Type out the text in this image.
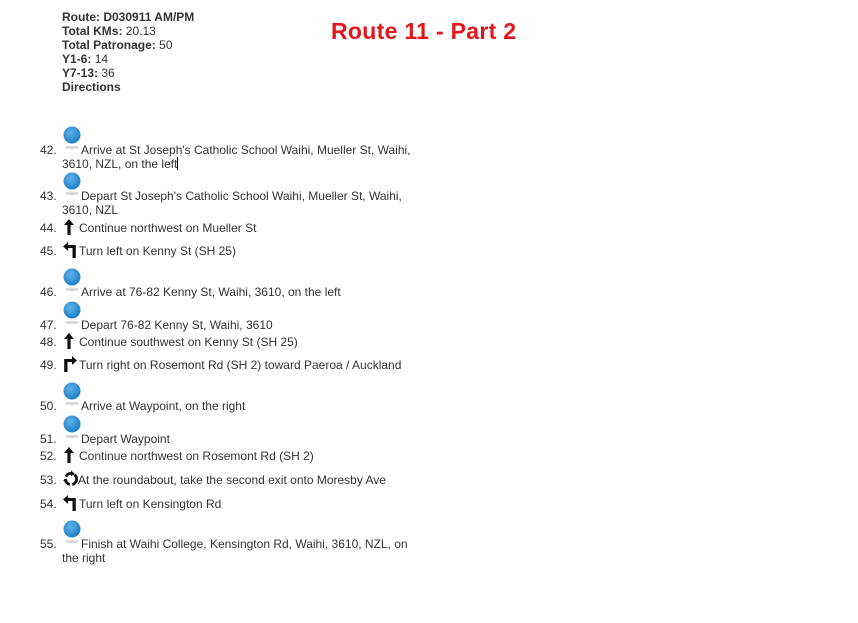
Route: D030911 AM/PM
Total KMs: 20.13
Total Patronage: 50
Y1-6: 14
Y7-13: 36
Directions
Route 11 - Part 2
42.	Arrive at St Joseph's Catholic School Waihi, Mueller St, Waihi,
3610, NZL, on the left
43.	Depart St Joseph's Catholic School Waihi, Mueller St, Waihi,
3610, NZL
44.	Continue northwest on Mueller St
45.	Turn left on Kenny St (SH 25)
46.	Arrive at 76-82 Kenny St, Waihi, 3610, on the left
47.	Depart 76-82 Kenny St, Waihi, 3610
48.	Continue southwest on Kenny St (SH 25)
49.	Turn right on Rosemont Rd (SH 2) toward Paeroa / Auckland
50.	Arrive at Waypoint, on the right
51.	Depart Waypoint
52.	Continue northwest on Rosemont Rd (SH 2)
53.	At the roundabout, take the second exit onto Moresby Ave
54.	Turn left on Kensington Rd
55.	Finish at Waihi College, Kensington Rd, Waihi, 3610, NZL, on
the right
